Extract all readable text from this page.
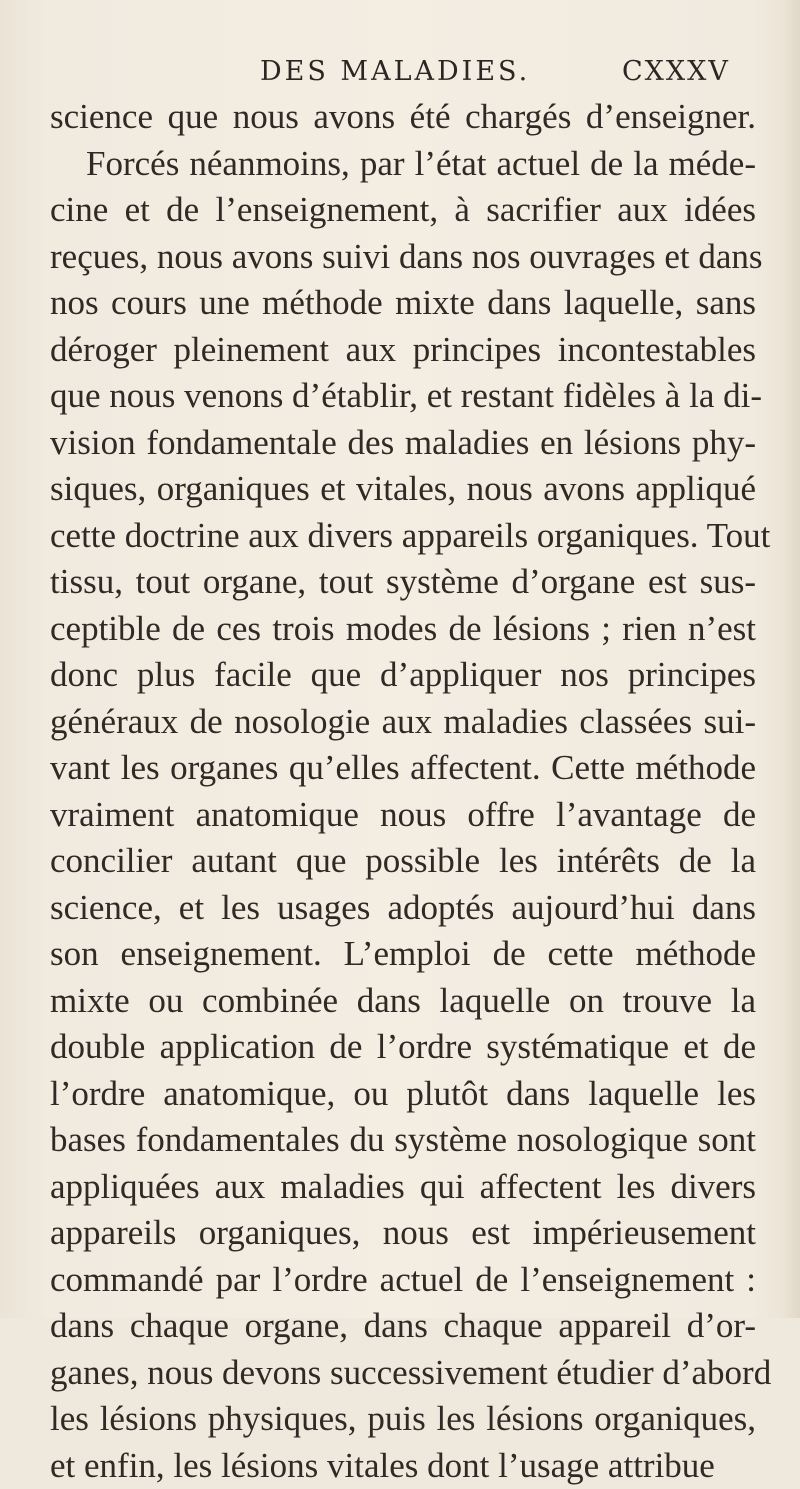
DES MALADIES.	CXXXV
science que nous avons été chargés d’enseigner.
Forcés néanmoins, par l’état actuel de la méde-
cine et de l’enseignement, à sacrifier aux idées
reçues, nous avons suivi dans nos ouvrages et dans
nos cours une méthode mixte dans laquelle, sans
déroger pleinement aux principes incontestables
que nous venons d’établir, et restant fidèles à la di-
vision fondamentale des maladies en lésions phy-
siques, organiques et vitales, nous avons appliqué
cette doctrine aux divers appareils organiques. Tout
tissu, tout organe, tout système d’organe est sus-
ceptible de ces trois modes de lésions ; rien n’est
donc plus facile que d’appliquer nos principes
généraux de nosologie aux maladies classées sui-
vant les organes qu’elles affectent. Cette méthode
vraiment anatomique nous offre l’avantage de
concilier autant que possible les intérêts de la
science, et les usages adoptés aujourd’hui dans
son enseignement. L’emploi de cette méthode
mixte ou combinée dans laquelle on trouve la
double application de l’ordre systématique et de
l’ordre anatomique, ou plutôt dans laquelle les
bases fondamentales du système nosologique sont
appliquées aux maladies qui affectent les divers
appareils organiques, nous est impérieusement
commandé par l’ordre actuel de l’enseignement :
dans chaque organe, dans chaque appareil d’or-
ganes, nous devons successivement étudier d’abord
les lésions physiques, puis les lésions organiques,
et enfin, les lésions vitales dont l’usage attribue
